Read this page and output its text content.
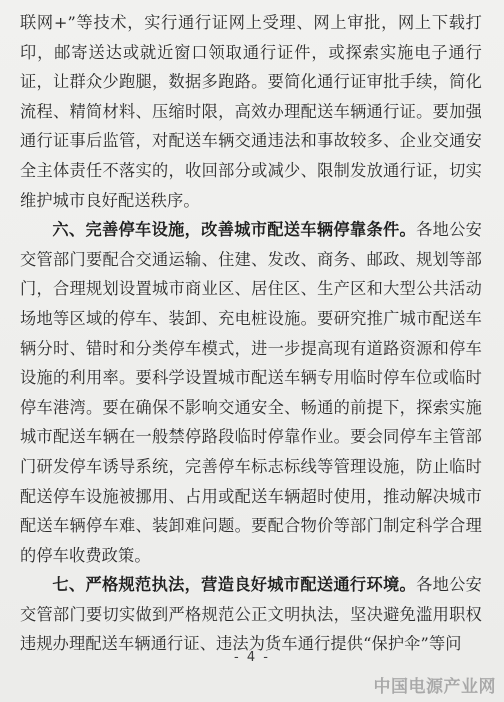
联网+”等技术，实行通行证网上受理、网上审批，网上下载打印，邮寄送达或就近窗口领取通行证件，或探索实施电子通行证，让群众少跑腿，数据多跑路。要简化通行证审批手续，简化流程、精简材料、压缩时限，高效办理配送车辆通行证。要加强通行证事后监管，对配送车辆交通违法和事故较多、企业交通安全主体责任不落实的，收回部分或减少、限制发放通行证，切实维护城市良好配送秩序。

六、完善停车设施，改善城市配送车辆停靠条件。各地公安交管部门要配合交通运输、住建、发改、商务、邮政、规划等部门，合理规划设置城市商业区、居住区、生产区和大型公共活动场地等区域的停车、装卸、充电桩设施。要研究推广城市配送车辆分时、错时和分类停车模式，进一步提高现有道路资源和停车设施的利用率。要科学设置城市配送车辆专用临时停车位或临时停车港湾。要在确保不影响交通安全、畅通的前提下，探索实施城市配送车辆在一般禁停路段临时停靠作业。要会同停车主管部门研发停车诱导系统，完善停车标志标线等管理设施，防止临时配送停车设施被挪用、占用或配送车辆超时使用，推动解决城市配送车辆停车难、装卸难问题。要配合物价等部门制定科学合理的停车收费政策。

七、严格规范执法，营造良好城市配送通行环境。各地公安交管部门要切实做到严格规范公正文明执法，坚决避免滥用职权违规办理配送车辆通行证、违法为货车通行提供“保护伞”等问

- 4 -
中国电源产业网
